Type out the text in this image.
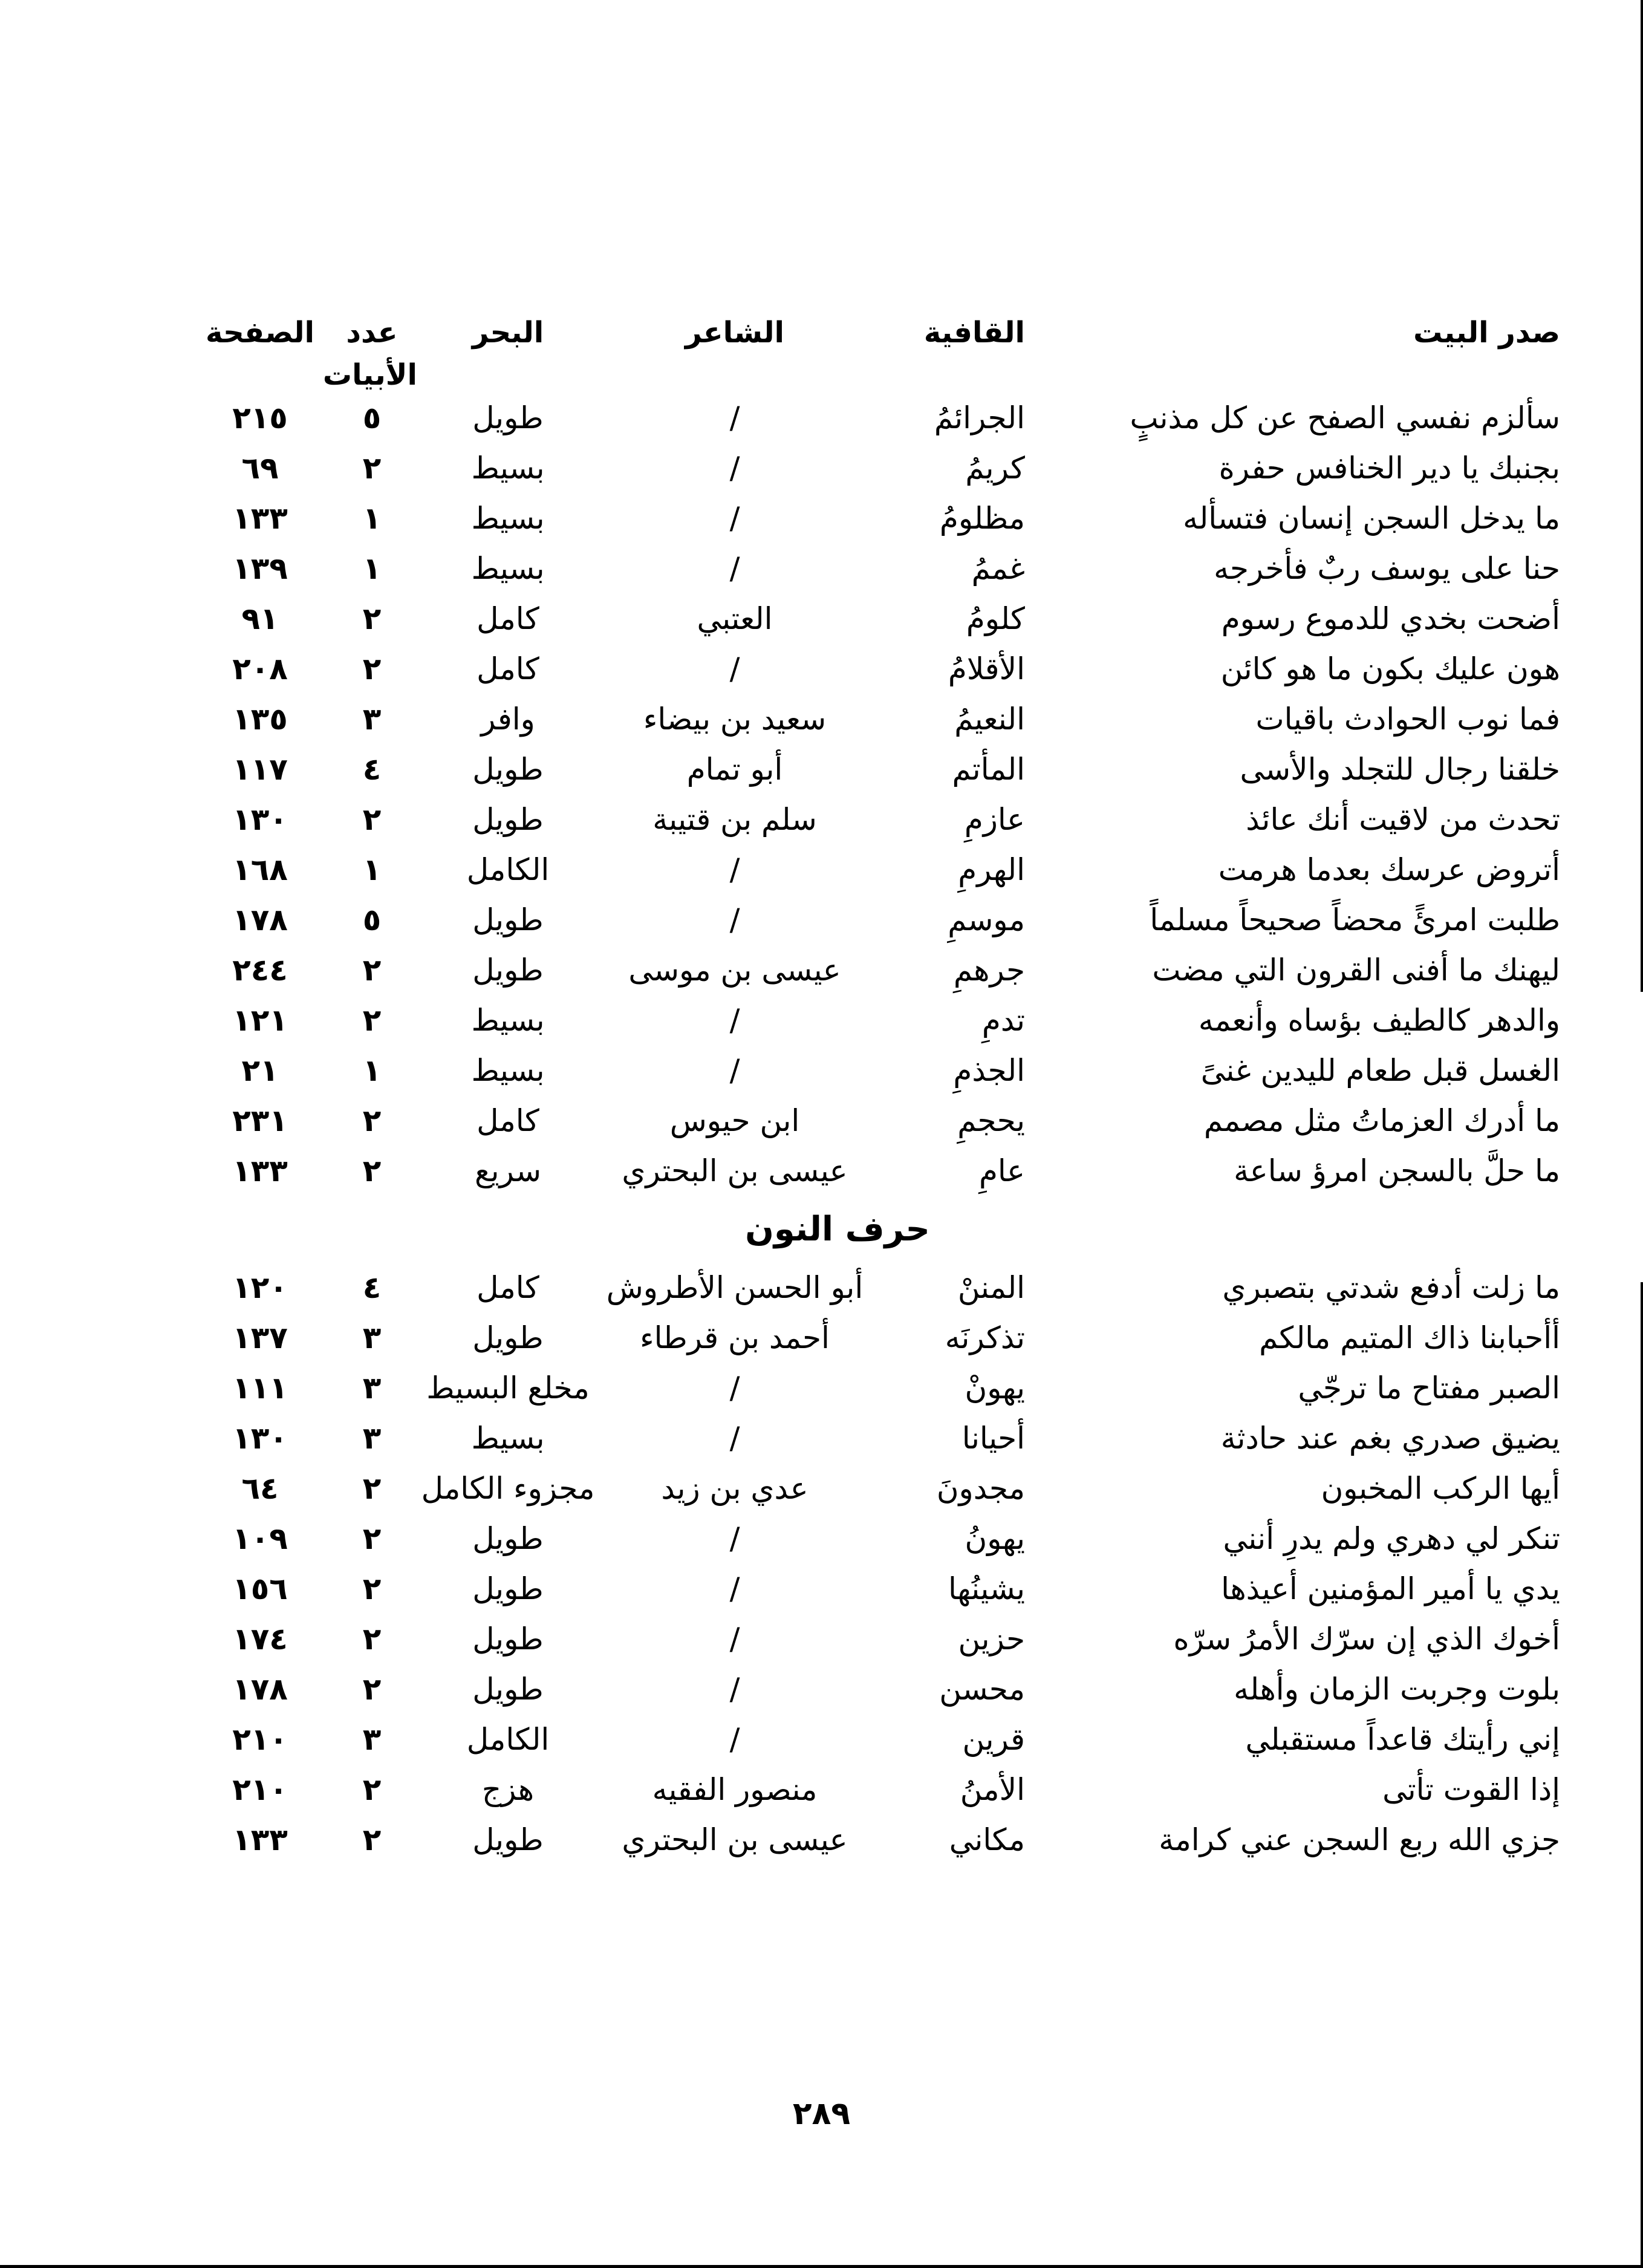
صدر البيت
القافية
الشاعر
البحر
عدد الأبيات
الصفحة
سألزم نفسي الصفح عن كل مذنبٍ
الجرائمُ
/
طويل
٥
٢١٥
بجنبك يا دير الخنافس حفرة
كريمُ
/
بسيط
٢
٦٩
ما يدخل السجن إنسان فتسأله
مظلومُ
/
بسيط
١
١٣٣
حنا على يوسف ربٌ فأخرجه
غممُ
/
بسيط
١
١٣٩
أضحت بخدي للدموع رسوم
كلومُ
العتبي
كامل
٢
٩١
هون عليك بكون ما هو كائن
الأقلامُ
/
كامل
٢
٢٠٨
فما نوب الحوادث باقيات
النعيمُ
سعيد بن بيضاء
وافر
٣
١٣٥
خلقنا رجال للتجلد والأسى
المأتم
أبو تمام
طويل
٤
١١٧
تحدث من لاقيت أنك عائذ
عازمِ
سلم بن قتيبة
طويل
٢
١٣٠
أتروض عرسك بعدما هرمت
الهرمِ
/
الكامل
١
١٦٨
طلبت امرئً محضاً صحيحاً مسلماً
موسمِ
/
طويل
٥
١٧٨
ليهنك ما أفنى القرون التي مضت
جرهمِ
عيسى بن موسى
طويل
٢
٢٤٤
والدهر كالطيف بؤساه وأنعمه
تدمِ
/
بسيط
٢
١٢١
الغسل قبل طعام لليدين غنىً
الجذمِ
/
بسيط
١
٢١
ما أدرك العزماتُ مثل مصمم
يحجمِ
ابن حيوس
كامل
٢
٢٣١
ما حلَّ بالسجن امرؤ ساعة
عامِ
عيسى بن البحتري
سريع
٢
١٣٣
حرف النون
ما زلت أدفع شدتي بتصبري
المننْ
أبو الحسن الأطروش
كامل
٤
١٢٠
أأحبابنا ذاك المتيم مالكم
تذكرنَه
أحمد بن قرطاء
طويل
٣
١٣٧
الصبر مفتاح ما ترجّي
يهونْ
/
مخلع البسيط
٣
١١١
يضيق صدري بغم عند حادثة
أحيانا
/
بسيط
٣
١٣٠
أيها الركب المخبون
مجدونَ
عدي بن زيد
مجزوء الكامل
٢
٦٤
تنكر لي دهري ولم يدرِ أنني
يهونُ
/
طويل
٢
١٠٩
يدي يا أمير المؤمنين أعيذها
يشينُها
/
طويل
٢
١٥٦
أخوك الذي إن سرّك الأمرُ سرّه
حزين
/
طويل
٢
١٧٤
بلوت وجربت الزمان وأهله
محسن
/
طويل
٢
١٧٨
إني رأيتك قاعداً مستقبلي
قرين
/
الكامل
٣
٢١٠
إذا القوت تأتى
الأمنُ
منصور الفقيه
هزج
٢
٢١٠
جزي الله ربع السجن عني كرامة
مكاني
عيسى بن البحتري
طويل
٢
١٣٣
٢٨٩
